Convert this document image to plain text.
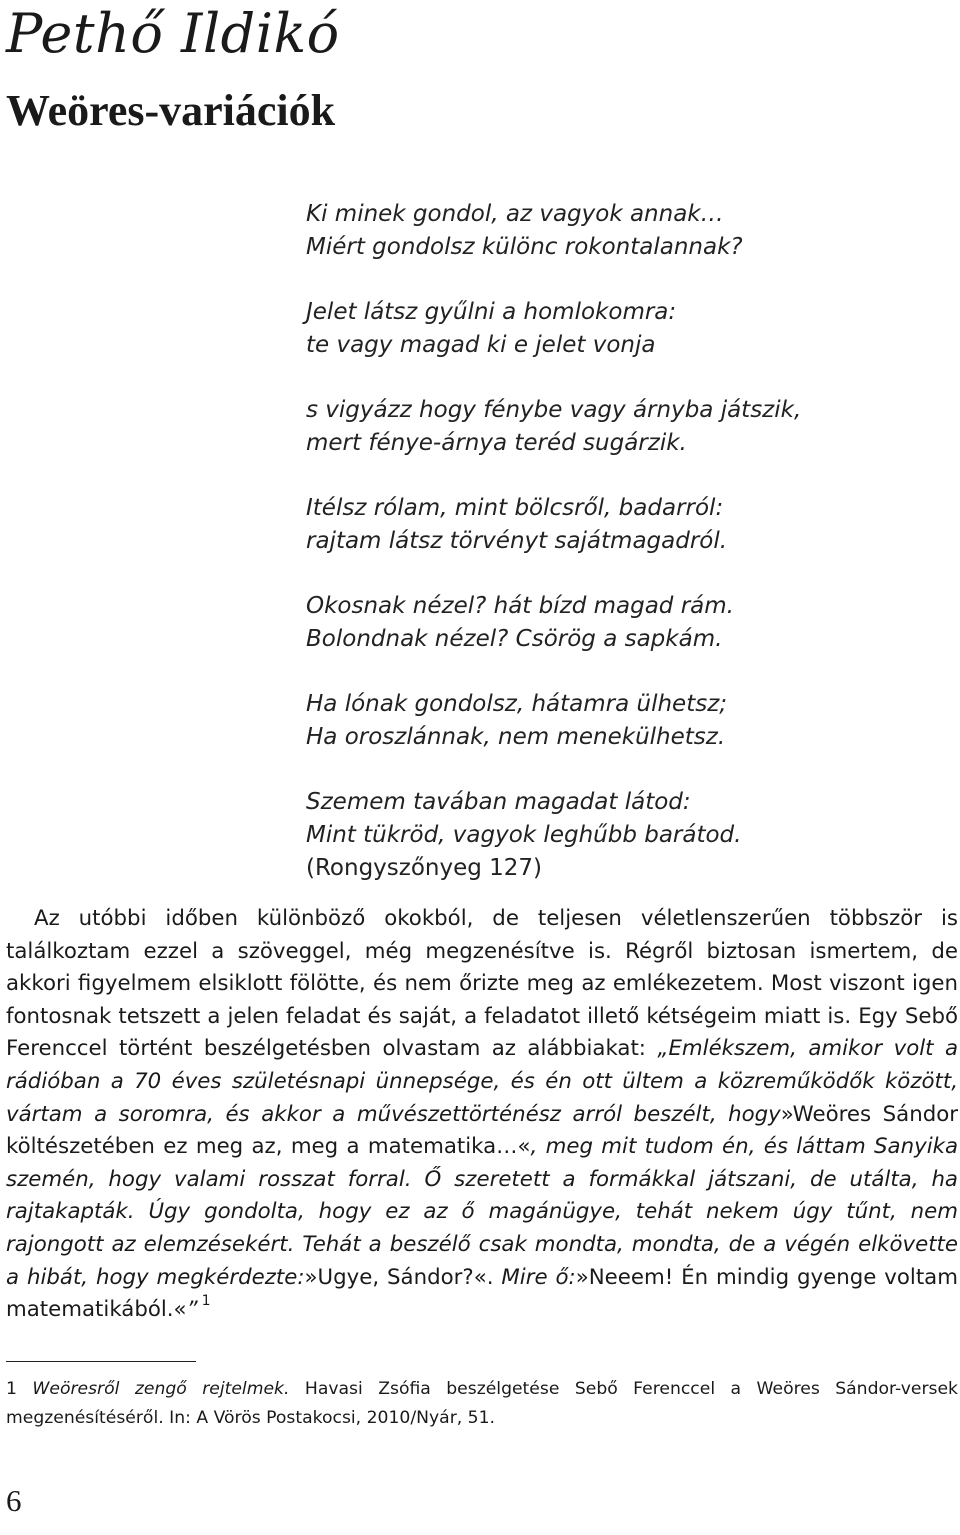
Pethő Ildikó
Weöres-variációk
Ki minek gondol, az vagyok annak…
Miért gondolsz különc rokontalannak?
Jelet látsz gyűlni a homlokomra:
te vagy magad ki e jelet vonja
s vigyázz hogy fénybe vagy árnyba játszik,
mert fénye-árnya teréd sugárzik.
Itélsz rólam, mint bölcsről, badarról:
rajtam látsz törvényt sajátmagadról.
Okosnak nézel? hát bízd magad rám.
Bolondnak nézel? Csörög a sapkám.
Ha lónak gondolsz, hátamra ülhetsz;
Ha oroszlánnak, nem menekülhetsz.
Szemem tavában magadat látod:
Mint tükröd, vagyok leghűbb barátod.
(Rongyszőnyeg 127)

Az utóbbi időben különböző okokból, de teljesen véletlenszerűen többször is találkoztam ezzel a szöveggel, még megzenésítve is. Régről biztosan ismertem, de akkori figyelmem elsiklott fölötte, és nem őrizte meg az emlékezetem. Most viszont igen fontosnak tetszett a jelen feladat és saját, a feladatot illető kétségeim miatt is. Egy Sebő Ferenccel történt beszélgetésben olvastam az alábbiakat: „Emlékszem, amikor volt a rádióban a 70 éves születésnapi ünnepsége, és én ott ültem a közreműködők között, vártam a soromra, és akkor a művészettörténész arról beszélt, hogy»Weöres Sándor költészetében ez meg az, meg a matematika…«, meg mit tudom én, és láttam Sanyika szemén, hogy valami rosszat forral. Ő szeretett a formákkal játszani, de utálta, ha rajtakapták. Úgy gondolta, hogy ez az ő magánügye, tehát nekem úgy tűnt, nem rajongott az elemzésekért. Tehát a beszélő csak mondta, mondta, de a végén elkövette a hibát, hogy megkérdezte:»Ugye, Sándor?«. Mire ő:»Neeem! Én mindig gyenge voltam matematikából.«” $^1$

1 Weöresről zengő rejtelmek. Havasi Zsófia beszélgetése Sebő Ferenccel a Weöres Sándor-versek megzenésítéséről. In: A Vörös Postakocsi, 2010/Nyár, 51.

6
